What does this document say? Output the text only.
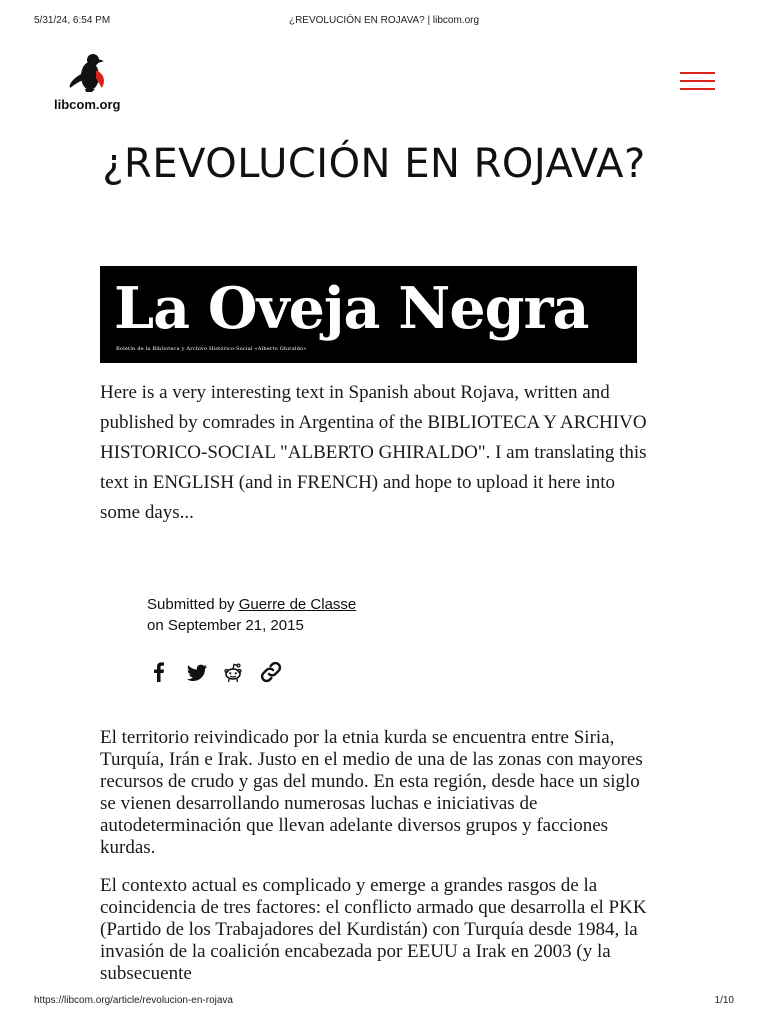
5/31/24, 6:54 PM	¿REVOLUCIÓN EN ROJAVA? | libcom.org
libcom.org
¿REVOLUCIÓN EN ROJAVA?
La Oveja Negra
Boletín de la Biblioteca y Archivo Histórico-Social «Alberto Ghiraldo»

Here is a very interesting text in Spanish about Rojava, written and published by comrades in Argentina of the BIBLIOTECA Y ARCHIVO HISTORICO-SOCIAL "ALBERTO GHIRALDO". I am translating this text in ENGLISH (and in FRENCH) and hope to upload it here into some days...

Submitted by Guerre de Classe
on September 21, 2015

El territorio reivindicado por la etnia kurda se encuentra entre Siria, Turquía, Irán e Irak. Justo en el medio de una de las zonas con mayores recursos de crudo y gas del mundo. En esta región, desde hace un siglo se vienen desarrollando numerosas luchas e iniciativas de autodeterminación que llevan adelante diversos grupos y facciones kurdas.

El contexto actual es complicado y emerge a grandes rasgos de la coincidencia de tres factores: el conflicto armado que desarrolla el PKK (Partido de los Trabajadores del Kurdistán) con Turquía desde 1984, la invasión de la coalición encabezada por EEUU a Irak en 2003 (y la subsecuente

https://libcom.org/article/revolucion-en-rojava	1/10
